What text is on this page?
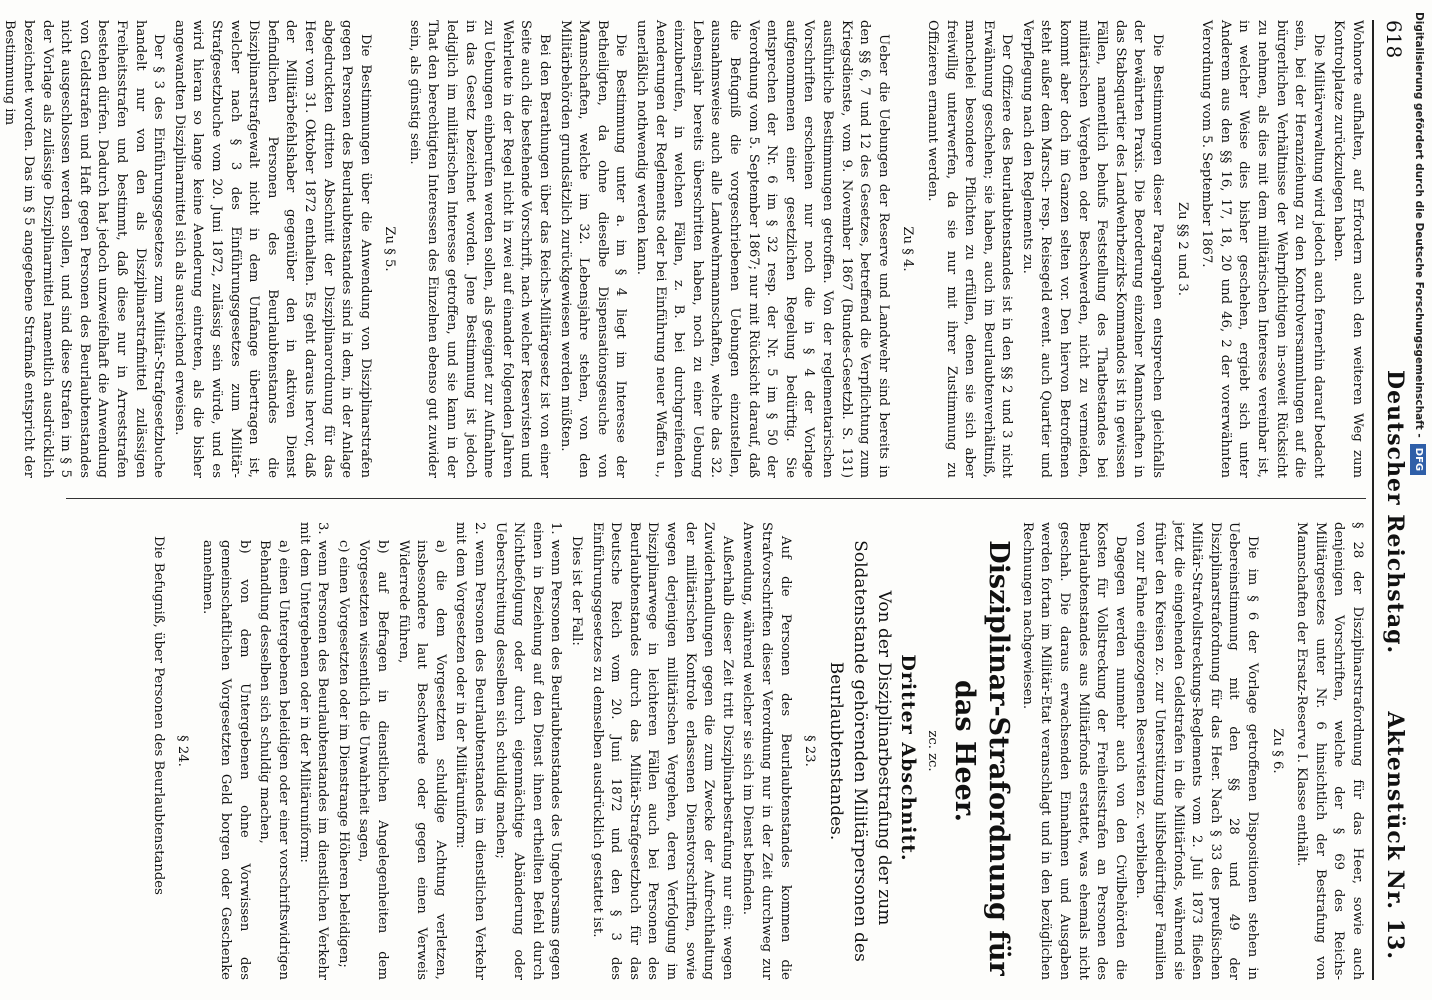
618
Deutscher Reichstag.
Aktenstück Nr. 13.

Wohnorte aufhalten, auf Erfordern auch den weiteren Weg zum Kontrolplatze zurückzulegen haben.

Die Militärverwaltung wird jedoch auch fernerhin darauf bedacht sein, bei der Heranziehung zu den Kontrolversammlungen auf die bürgerlichen Verhältnisse der Wehrpflichtigen in-soweit Rücksicht zu nehmen, als dies mit dem militärischen Interesse vereinbar ist, in welcher Weise dies bisher geschehen, ergiebt sich unter Anderem aus den §§ 16, 17, 18, 20 und 46, 2 der vorerwähnten Verordnung vom 5. September 1867.

Zu §§ 2 und 3.

Die Bestimmungen dieser Paragraphen entsprechen gleichfalls der bewährten Praxis. Die Beorderung einzelner Mannschaften in das Stabsquartier des Landwehrbezirks-Kommandos ist in gewissen Fällen, namentlich behufs Feststellung des Thatbestandes bei militärischen Vergehen oder Beschwerden, nicht zu vermeiden, kommt aber doch im Ganzen selten vor. Den hiervon Betroffenen steht außer dem Marsch- resp. Reisegeld event. auch Quartier und Verpflegung nach den Reglements zu.

Der Offiziere des Beurlaubtenstandes ist in den §§ 2 und 3 nicht Erwähnung geschehen; sie haben, auch im Beurlaubtenverhältniß, manchelei besondere Pflichten zu erfüllen, denen sie sich aber freiwillig unterwerfen, da sie nur mit ihrer Zustimmung zu Offizieren ernannt werden.

Zu § 4.

Ueber die Uebungen der Reserve und Landwehr sind bereits in den §§ 6, 7 und 12 des Gesetzes, betreffend die Verpflichtung zum Kriegsdienste, vom 9. November 1867 (Bundes-Gesetzbl. S. 131) ausführliche Bestimmungen getroffen. Von der reglementarischen Vorschriften erscheinen nur noch die in § 4 der Vorlage aufgenommenen einer gesetzlichen Regelung bedürftig. Sie entsprechen der Nr. 6 im § 32 resp. der Nr. 5 im § 50 der Verordnung vom 5. September 1867; nur mit Rücksicht darauf, daß die Befugniß die vorgeschriebenen Uebungen einzustellen, ausnahmsweise auch alle Landwehrmannschaften, welche das 32. Lebensjahr bereits überschritten haben, noch zu einer Uebung einzuberufen, in welchen Fällen, z. B. bei durchgreifenden Aenderungen der Reglements oder bei Einführung neuer Waffen u., unerläßlich nothwendig werden kann.

Die Bestimmung unter a. im § 4 liegt im Interesse der Betheiligten, da ohne dieselbe Dispensationsgesuche von Mannschaften, welche im 32. Lebensjahre stehen, von den Militärbehörden grundsätzlich zurückgewiesen werden müßten.

Bei den Berathungen über das Reichs-Militärgesetz ist von einer Seite auch die bestehende Vorschrift, nach welcher Reservisten und Wehrleute in der Regel nicht in zwei auf einander folgenden Jahren zu Uebungen einberufen werden sollen, als geeignet zur Aufnahme in das Gesetz bezeichnet worden. Jene Bestimmung ist jedoch lediglich im militärischen Interesse getroffen, und sie kann in der That den berechtigten Interessen des Einzelnen ebenso gut zuwider sein, als günstig sein.

Zu § 5.

Die Bestimmungen über die Anwendung von Disziplinarstrafen gegen Personen des Beurlaubtenstandes sind in dem, in der Anlage abgedruckten dritten Abschnitt der Disziplinarordnung für das Heer vom 31. Oktober 1872 enthalten. Es geht daraus hervor, daß der Militärbefehlshaber gegenüber den in aktiven Dienst befindlichen Personen des Beurlaubtenstandes die Disziplinarstrafgewalt nicht in dem Umfange übertragen ist, welcher nach § 3 des Einführungsgesetzes zum Militär-Strafgesetzbuche vom 20. Juni 1872, zulässig sein würde, und es wird hieran so lange keine Aenderung eintreten, als die bisher angewandten Disziplinarmittel sich als ausreichend erweisen.

Der § 3 des Einführungsgesetzes zum Militär-Strafgesetzbuche handelt nur von den als Disziplinarstrafmittel zulässigen Freiheitsstrafen und bestimmt, daß diese nur in Arreststrafen bestehen dürfen. Dadurch hat jedoch unzweifelhaft die Anwendung von Geldstrafen und Haft gegen Personen des Beurlaubtenstandes nicht ausgeschlossen werden sollen, und sind diese Strafen im § 5 der Vorlage als zulässige Disziplinarmittel namentlich ausdrücklich bezeichnet worden. Das im § 5 angegebene Strafmaß entspricht der Bestimmung im

§ 28 der Disziplinarstrafordnung für das Heer, sowie auch denjenigen Vorschriften, welche der § 69 des Reichs-Militärgesetzes unter Nr. 6 hinsichtlich der Bestrafung von Mannschaften der Ersatz-Reserve I. Klasse enthält.

Zu § 6.

Die im § 6 der Vorlage getroffenen Dispositionen stehen in Uebereinstimmung mit den §§ 28 und 49 der Disziplinarstrafordnung für das Heer. Nach § 33 des preußischen Militär-Strafvollstreckungs-Reglements vom 2. Juli 1873 fließen jetzt die eingehenden Geldstrafen in die Militärfonds, während sie früher den Kreisen zc. zur Unterstützung hilfsbedürftiger Familien von zur Fahne eingezogenen Reservisten zc. verblieben.

Dagegen werden nunmehr auch von den Civilbehörden die Kosten für Vollstreckung der Freiheitsstrafen an Personen des Beurlaubtenstandes aus Militärfonds erstattet, was ehemals nicht geschah. Die daraus erwachsenden Einnahmen und Ausgaben werden fortan im Militär-Etat veranschlagt und in den bezüglichen Rechnungen nachgewiesen.

Disziplinar-Strafordnung für das Heer.

zc. zc.

Dritter Abschnitt.

Von der Disziplinarbestrafung der zum Soldatenstande gehörenden Militärpersonen des Beurlaubtenstandes.

§ 23.

Auf die Personen des Beurlaubtenstandes kommen die Strafvorschriften dieser Verordnung nur in der Zeit durchweg zur Anwendung, während welcher sie sich im Dienst befinden.

Außerhalb dieser Zeit tritt Disziplinarbestrafung nur ein: wegen Zuwiderhandlungen gegen die zum Zwecke der Aufrechthaltung der militärischen Kontrole erlassenen Dienstvorschriften, sowie wegen derjenigen militärischen Vergehen, deren Verfolgung im Disziplinarwege in leichteren Fällen auch bei Personen des Beurlaubtenstandes durch das Militär-Strafgesetzbuch für das Deutsche Reich vom 20. Juni 1872 und den § 3 des Einführungsgesetzes zu demselben ausdrücklich gestattet ist.

Dies ist der Fall:

1. wenn Personen des Beurlaubtenstandes des Ungehorsams gegen einen in Beziehung auf den Dienst ihnen ertheilten Befehl durch Nichtbefolgung oder durch eigenmächtige Abänderung oder Ueberschreitung desselben sich schuldig machen;

2. wenn Personen des Beurlaubtenstandes im dienstlichen Verkehr mit dem Vorgesetzen oder in der Militäruniform:

a) die dem Vorgesetzten schuldige Achtung verletzen, insbesondere laut Beschwerde oder gegen einen Verweis Widerrede führen,

b) auf Befragen in dienstlichen Angelegenheiten dem Vorgesetzten wissentlich die Unwahrheit sagen,

c) einen Vorgesetzten oder im Dienstrange Höheren beleidigen;

3. wenn Personen des Beurlaubtenstandes im dienstlichen Verkehr mit dem Untergebenen oder in der Militäruniform:

a) einen Untergebenen beleidigen oder einer vorschriftswidrigen Behandlung desselben sich schuldig machen,

b) von dem Untergebenen ohne Vorwissen des gemeinschaftlichen Vorgesetzten Geld borgen oder Geschenke annehmen.

§ 24.

Die Befugniß, über Personen des Beurlaubtenstandes

Digitalisierung gefördert durch die Deutsche Forschungsgemeinschaft -DFG
